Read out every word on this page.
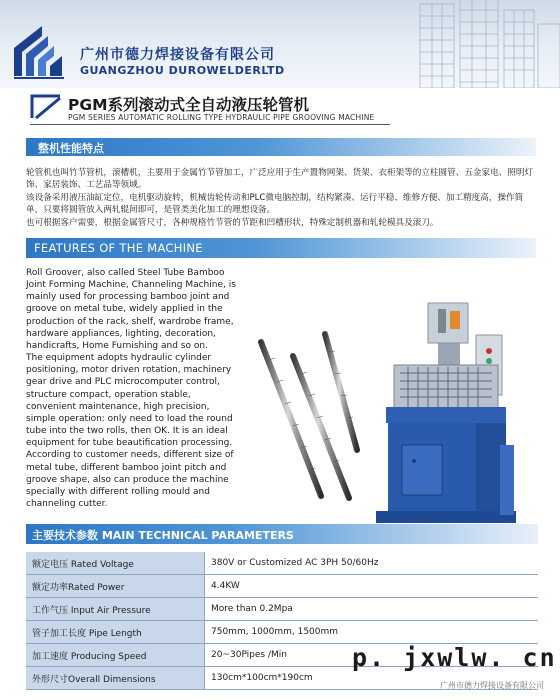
广州市德力焊接设备有限公司
GUANGZHOU DUROWELDERLTD
PGM系列滚动式全自动液压轮管机
PGM SERIES AUTOMATIC ROLLING TYPE HYDRAULIC PIPE GROOVING MACHINE
整机性能特点

轮管机也叫竹节管机，滚槽机，主要用于金属竹节管加工，广泛应用于生产置物网架、货架、衣柜架等的立柱圆管、五金家电、照明灯饰、家居装饰、工艺品等领域。

该设备采用液压油缸定位，电机驱动旋转，机械齿轮传动和PLC微电脑控制，结构紧凑、运行平稳、维修方便、加工精度高，操作简单，只要将圆管放入两轧辊间即可，是管类美化加工的理想设备。

也可根据客户需要，根据金属管尺寸，各种规格竹节管的节距和凹槽形状，特殊定制机器和轧轮模具及滚刀。

FEATURES OF THE MACHINE

Roll Groover, also called Steel Tube Bamboo Joint Forming Machine, Channeling Machine, is mainly used for processing bamboo joint and groove on metal tube, widely applied in the production of the rack, shelf, wardrobe frame, hardware appliances, lighting, decoration, handicrafts, Home Furnishing and so on.

The equipment adopts hydraulic cylinder positioning, motor driven rotation, machinery gear drive and PLC microcomputer control, structure compact, operation stable, convenient maintenance, high precision, simple operation: only need to load the round tube into the two rolls, then OK. It is an ideal equipment for tube beautification processing.

According to customer needs, different size of metal tube, different bamboo joint pitch and groove shape, also can produce the machine specially with different rolling mould and channeling cutter.

主要技术参数 MAIN TECHNICAL PARAMETERS
额定电压 Rated Voltage	380V or Customized AC 3PH 50/60Hz
额定功率Rated Power	4.4KW
工作气压 Input Air Pressure	More than 0.2Mpa
管子加工长度 Pipe Length	750mm, 1000mm, 1500mm
加工速度 Producing Speed	20~30Pipes /Min
外形尺寸Overall Dimensions	130cm*100cm*190cm
p. jxwlw. cn
广州市德力焊接设备有限公司
